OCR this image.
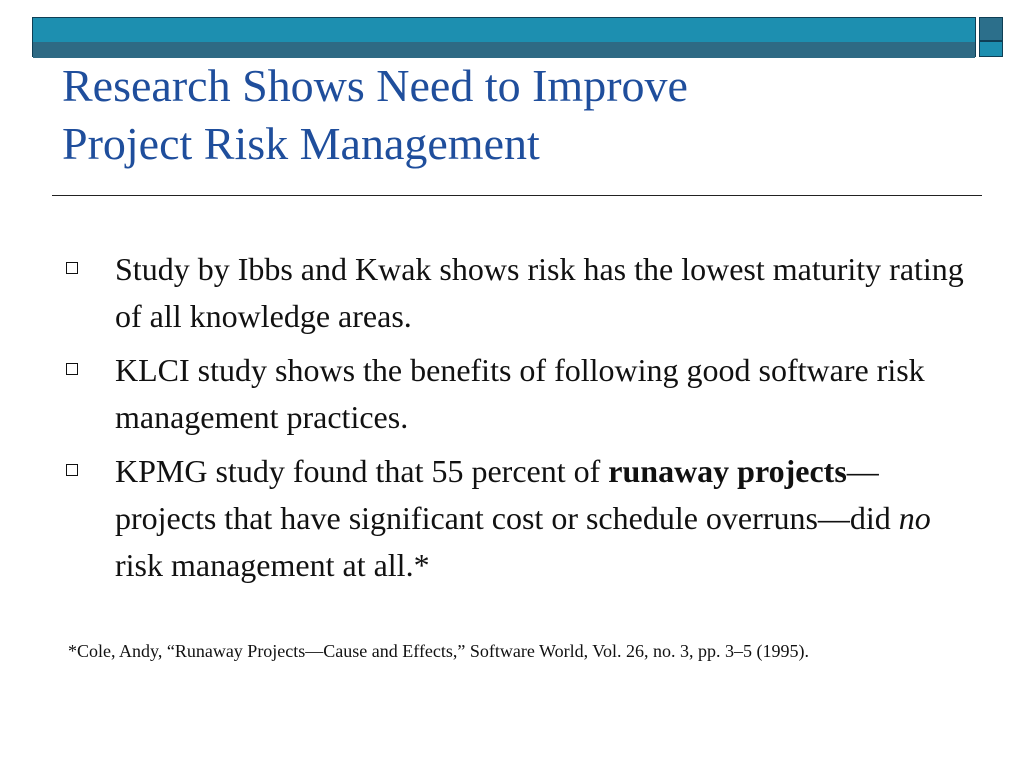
Research Shows Need to Improve
Project Risk Management
Study by Ibbs and Kwak shows risk has the lowest maturity rating of all knowledge areas.
KLCI study shows the benefits of following good software risk management practices.
KPMG study found that 55 percent of runaway projects—projects that have significant cost or schedule overruns—did no risk management at all.*

*Cole, Andy, “Runaway Projects—Cause and Effects,” Software World, Vol. 26, no. 3, pp. 3–5 (1995).
